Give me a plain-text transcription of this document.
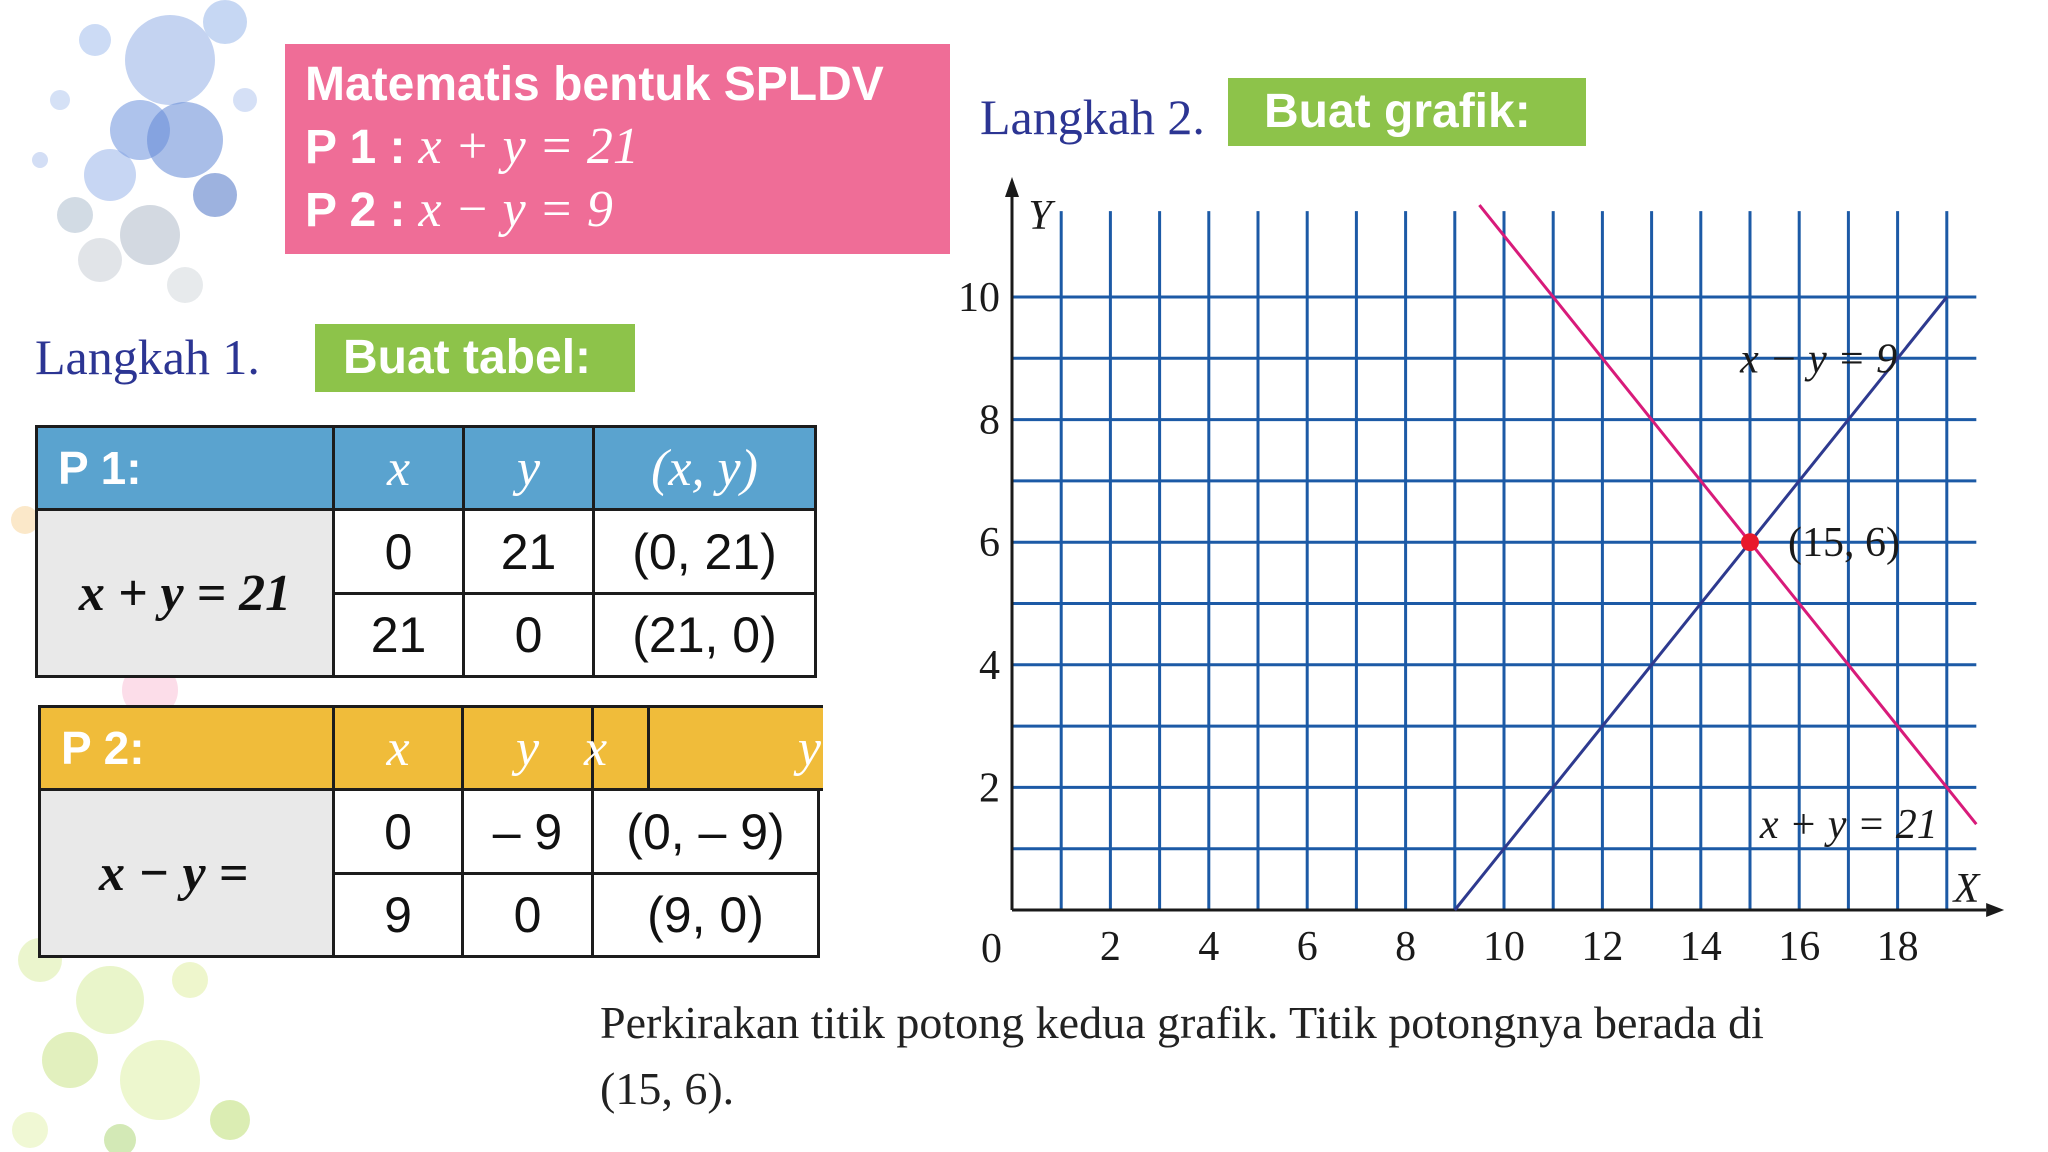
Matematis bentuk SPLDV
P 1 : x + y = 21
P 2 : x − y = 9
Langkah 1.	Buat tabel:
Langkah 2.	Buat grafik:
P 1:	x	y	(x, y)
x + y = 21
0	21	(0, 21)
21	0	(21, 0)
P 2:	x	y x	y
x − y =
0	– 9	(0, – 9)
9	0	(9, 0)
2 4 6 8 10 12 14 16 18
2
4
6
8
10
0
X
Y
x − y = 9
x + y = 21
(15, 6)
Perkirakan titik potong kedua grafik. Titik potongnya berada di
(15, 6).
